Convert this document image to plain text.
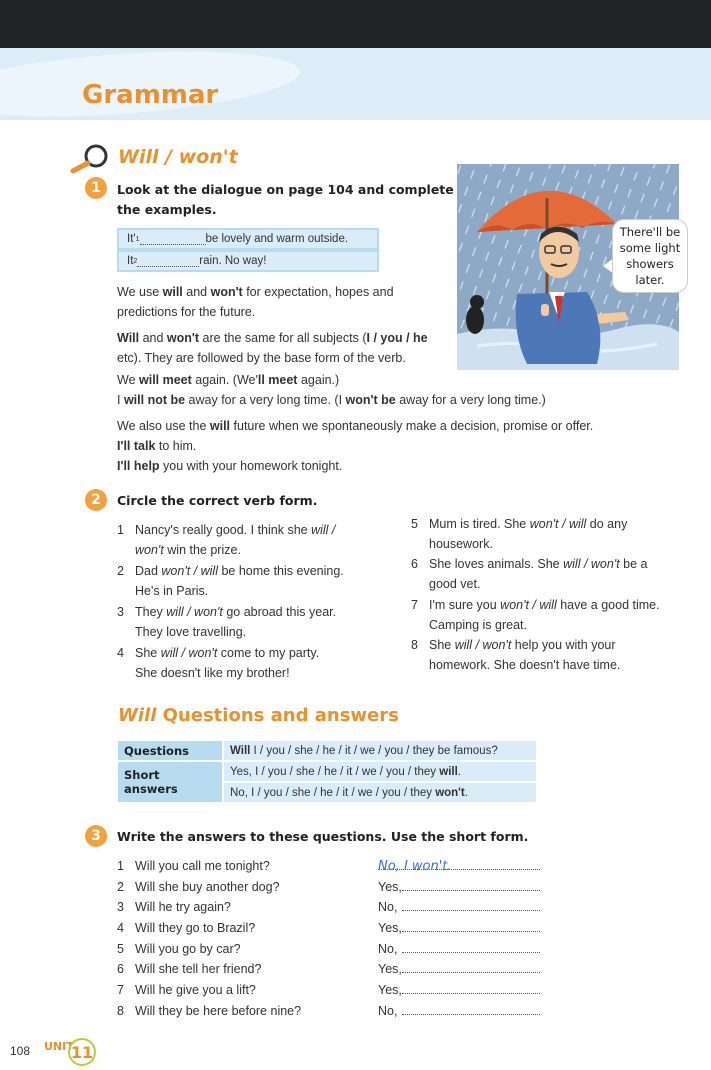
Grammar
Will / won't
1	Look at the dialogue on page 104 and complete
the examples.
It' 1	be lovely and warm outside.
It 2	rain. No way!
There'll be some light showers later.
We use will and won't for expectation, hopes and
predictions for the future.
Will and won't are the same for all subjects (I / you / he
etc). They are followed by the base form of the verb.
We will meet again. (We'll meet again.)
I will not be away for a very long time. (I won't be away for a very long time.)
We also use the will future when we spontaneously make a decision, promise or offer.
I'll talk to him.
I'll help you with your homework tonight.
2	Circle the correct verb form.
1 Nancy's really good. I think she will /
won't win the prize.
2 Dad won't / will be home this evening.
He's in Paris.
3 They will / won't go abroad this year.
They love travelling.
4 She will / won't come to my party.
She doesn't like my brother!
5 Mum is tired. She won't / will do any
housework.
6 She loves animals. She will / won't be a
good vet.
7 I'm sure you won't / will have a good time.
Camping is great.
8 She will / won't help you with your
homework. She doesn't have time.
Will Questions and answers
Questions	Will I / you / she / he / it / we / you / they be famous?
Short answers	Yes, I / you / she / he / it / we / you / they will.
	No, I / you / she / he / it / we / you / they won't.
3	Write the answers to these questions. Use the short form.
1 Will you call me tonight?	No, I won't.
2 Will she buy another dog?	Yes,
3 Will he try again?	No,
4 Will they go to Brazil?	Yes,
5 Will you go by car?	No,
6 Will she tell her friend?	Yes,
7 Will he give you a lift?	Yes,
8 Will they be here before nine?	No,
108 UNIT
11
